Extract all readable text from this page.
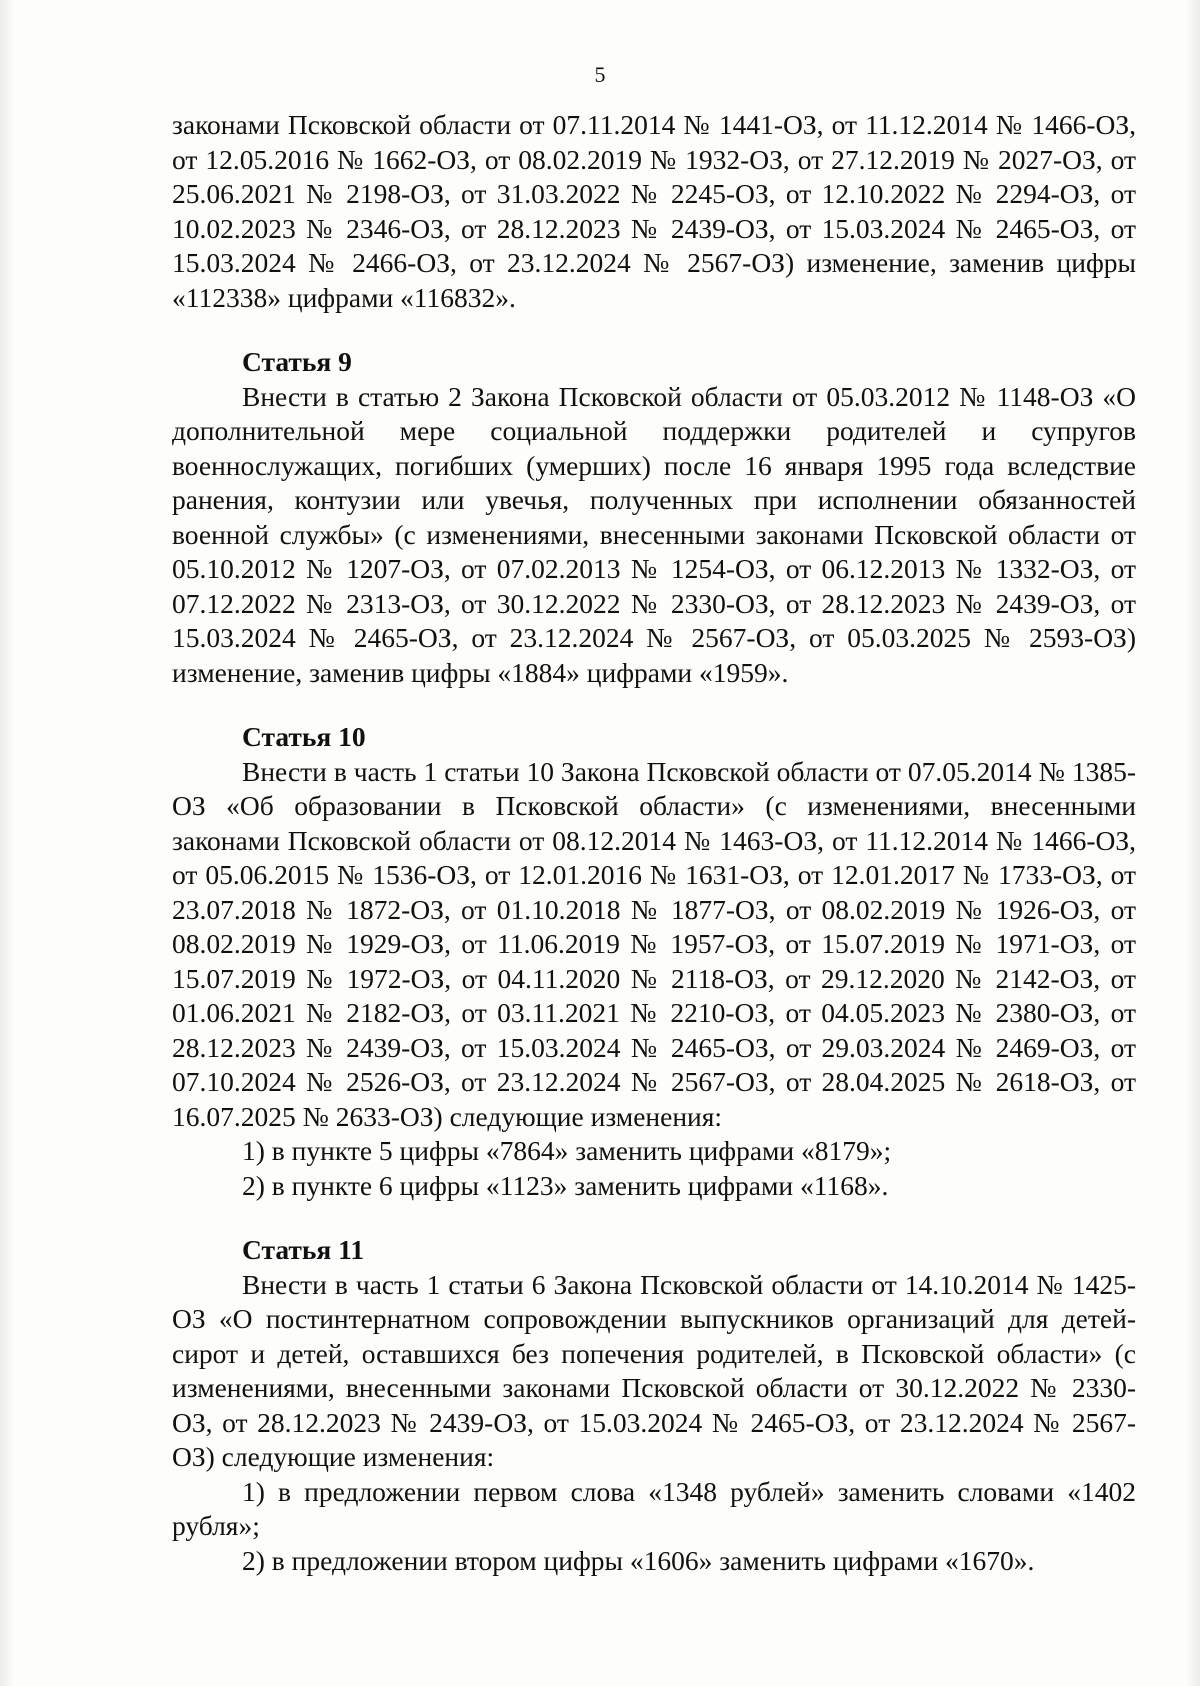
5

законами Псковской области от 07.11.2014 № 1441-ОЗ, от 11.12.2014 № 1466-ОЗ, от 12.05.2016 № 1662-ОЗ, от 08.02.2019 № 1932-ОЗ, от 27.12.2019 № 2027-ОЗ, от 25.06.2021 № 2198-ОЗ, от 31.03.2022 № 2245-ОЗ, от 12.10.2022 № 2294-ОЗ, от 10.02.2023 № 2346-ОЗ, от 28.12.2023 № 2439-ОЗ, от 15.03.2024 № 2465-ОЗ, от 15.03.2024 № 2466-ОЗ, от 23.12.2024 № 2567-ОЗ) изменение, заменив цифры «112338» цифрами «116832».

Статья 9

Внести в статью 2 Закона Псковской области от 05.03.2012 № 1148-ОЗ «О дополнительной мере социальной поддержки родителей и супругов военнослужащих, погибших (умерших) после 16 января 1995 года вследствие ранения, контузии или увечья, полученных при исполнении обязанностей военной службы» (с изменениями, внесенными законами Псковской области от 05.10.2012 № 1207-ОЗ, от 07.02.2013 № 1254-ОЗ, от 06.12.2013 № 1332-ОЗ, от 07.12.2022 № 2313-ОЗ, от 30.12.2022 № 2330-ОЗ, от 28.12.2023 № 2439-ОЗ, от 15.03.2024 № 2465-ОЗ, от 23.12.2024 № 2567-ОЗ, от 05.03.2025 № 2593-ОЗ) изменение, заменив цифры «1884» цифрами «1959».

Статья 10

Внести в часть 1 статьи 10 Закона Псковской области от 07.05.2014 № 1385-ОЗ «Об образовании в Псковской области» (с изменениями, внесенными законами Псковской области от 08.12.2014 № 1463-ОЗ, от 11.12.2014 № 1466-ОЗ, от 05.06.2015 № 1536-ОЗ, от 12.01.2016 № 1631-ОЗ, от 12.01.2017 № 1733-ОЗ, от 23.07.2018 № 1872-ОЗ, от 01.10.2018 № 1877-ОЗ, от 08.02.2019 № 1926-ОЗ, от 08.02.2019 № 1929-ОЗ, от 11.06.2019 № 1957-ОЗ, от 15.07.2019 № 1971-ОЗ, от 15.07.2019 № 1972-ОЗ, от 04.11.2020 № 2118-ОЗ, от 29.12.2020 № 2142-ОЗ, от 01.06.2021 № 2182-ОЗ, от 03.11.2021 № 2210-ОЗ, от 04.05.2023 № 2380-ОЗ, от 28.12.2023 № 2439-ОЗ, от 15.03.2024 № 2465-ОЗ, от 29.03.2024 № 2469-ОЗ, от 07.10.2024 № 2526-ОЗ, от 23.12.2024 № 2567-ОЗ, от 28.04.2025 № 2618-ОЗ, от 16.07.2025 № 2633-ОЗ) следующие изменения:

1) в пункте 5 цифры «7864» заменить цифрами «8179»;

2) в пункте 6 цифры «1123» заменить цифрами «1168».

Статья 11

Внести в часть 1 статьи 6 Закона Псковской области от 14.10.2014 № 1425-ОЗ «О постинтернатном сопровождении выпускников организаций для детей-сирот и детей, оставшихся без попечения родителей, в Псковской области» (с изменениями, внесенными законами Псковской области от 30.12.2022 № 2330-ОЗ, от 28.12.2023 № 2439-ОЗ, от 15.03.2024 № 2465-ОЗ, от 23.12.2024 № 2567-ОЗ) следующие изменения:

1) в предложении первом слова «1348 рублей» заменить словами «1402 рубля»;

2) в предложении втором цифры «1606» заменить цифрами «1670».
